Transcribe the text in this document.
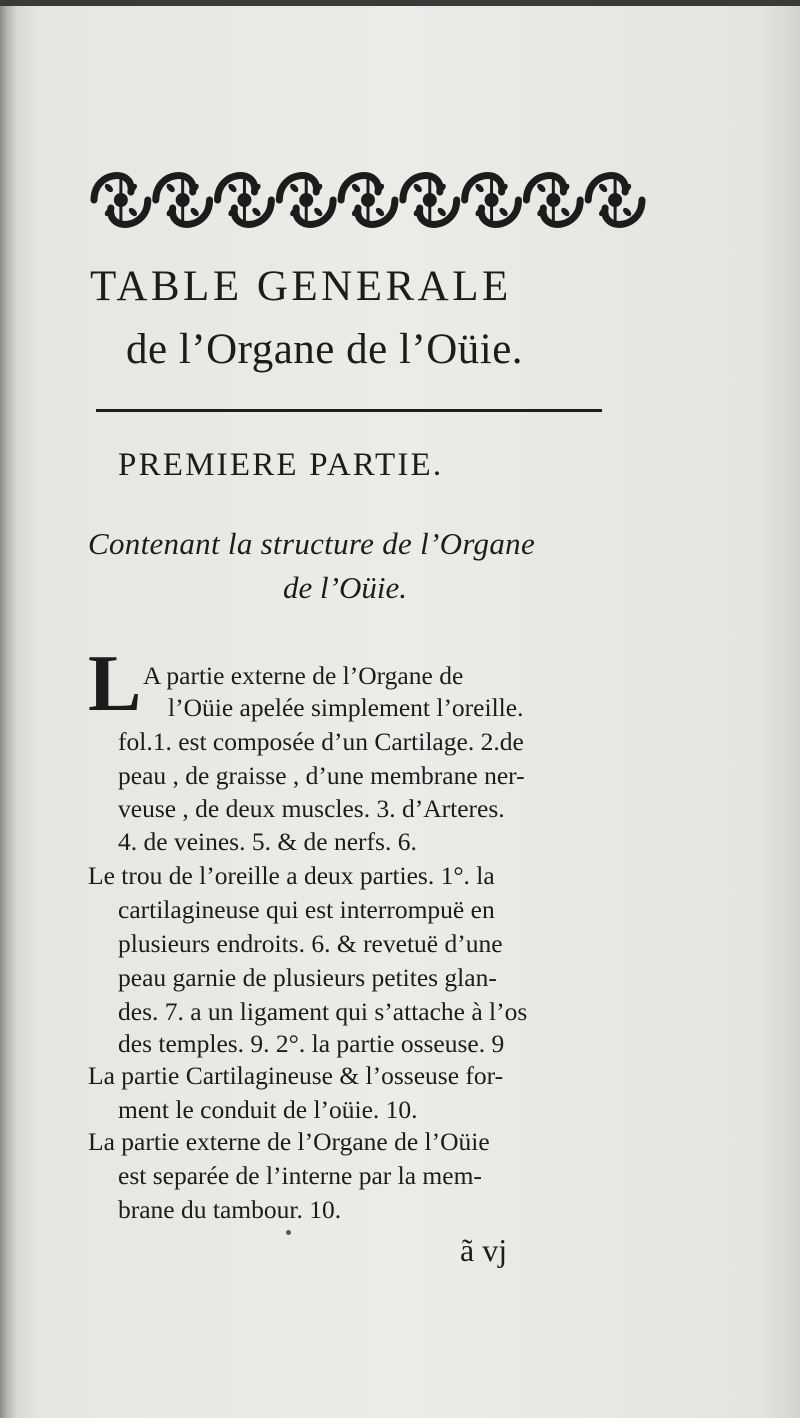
TABLE GENERALE
de l’Organe de l’Oüie.
PREMIERE PARTIE.
Contenant la structure de l’Organe
de l’Oüie.
L A partie externe de l’Organe de
l’Oüie apelée simplement l’oreille.
fol.1. est composée d’un Cartilage. 2.de
peau , de graisse , d’une membrane ner-
veuse , de deux muscles. 3. d’Arteres.
4. de veines. 5. & de nerfs. 6.
Le trou de l’oreille a deux parties. 1°. la
cartilagineuse qui est interrompuë en
plusieurs endroits. 6. & revetuë d’une
peau garnie de plusieurs petites glan-
des. 7. a un ligament qui s’attache à l’os
des temples. 9. 2°. la partie osseuse. 9
La partie Cartilagineuse & l’osseuse for-
ment le conduit de l’oüie. 10.
La partie externe de l’Organe de l’Oüie
est separée de l’interne par la mem-
brane du tambour. 10.
ã vj
